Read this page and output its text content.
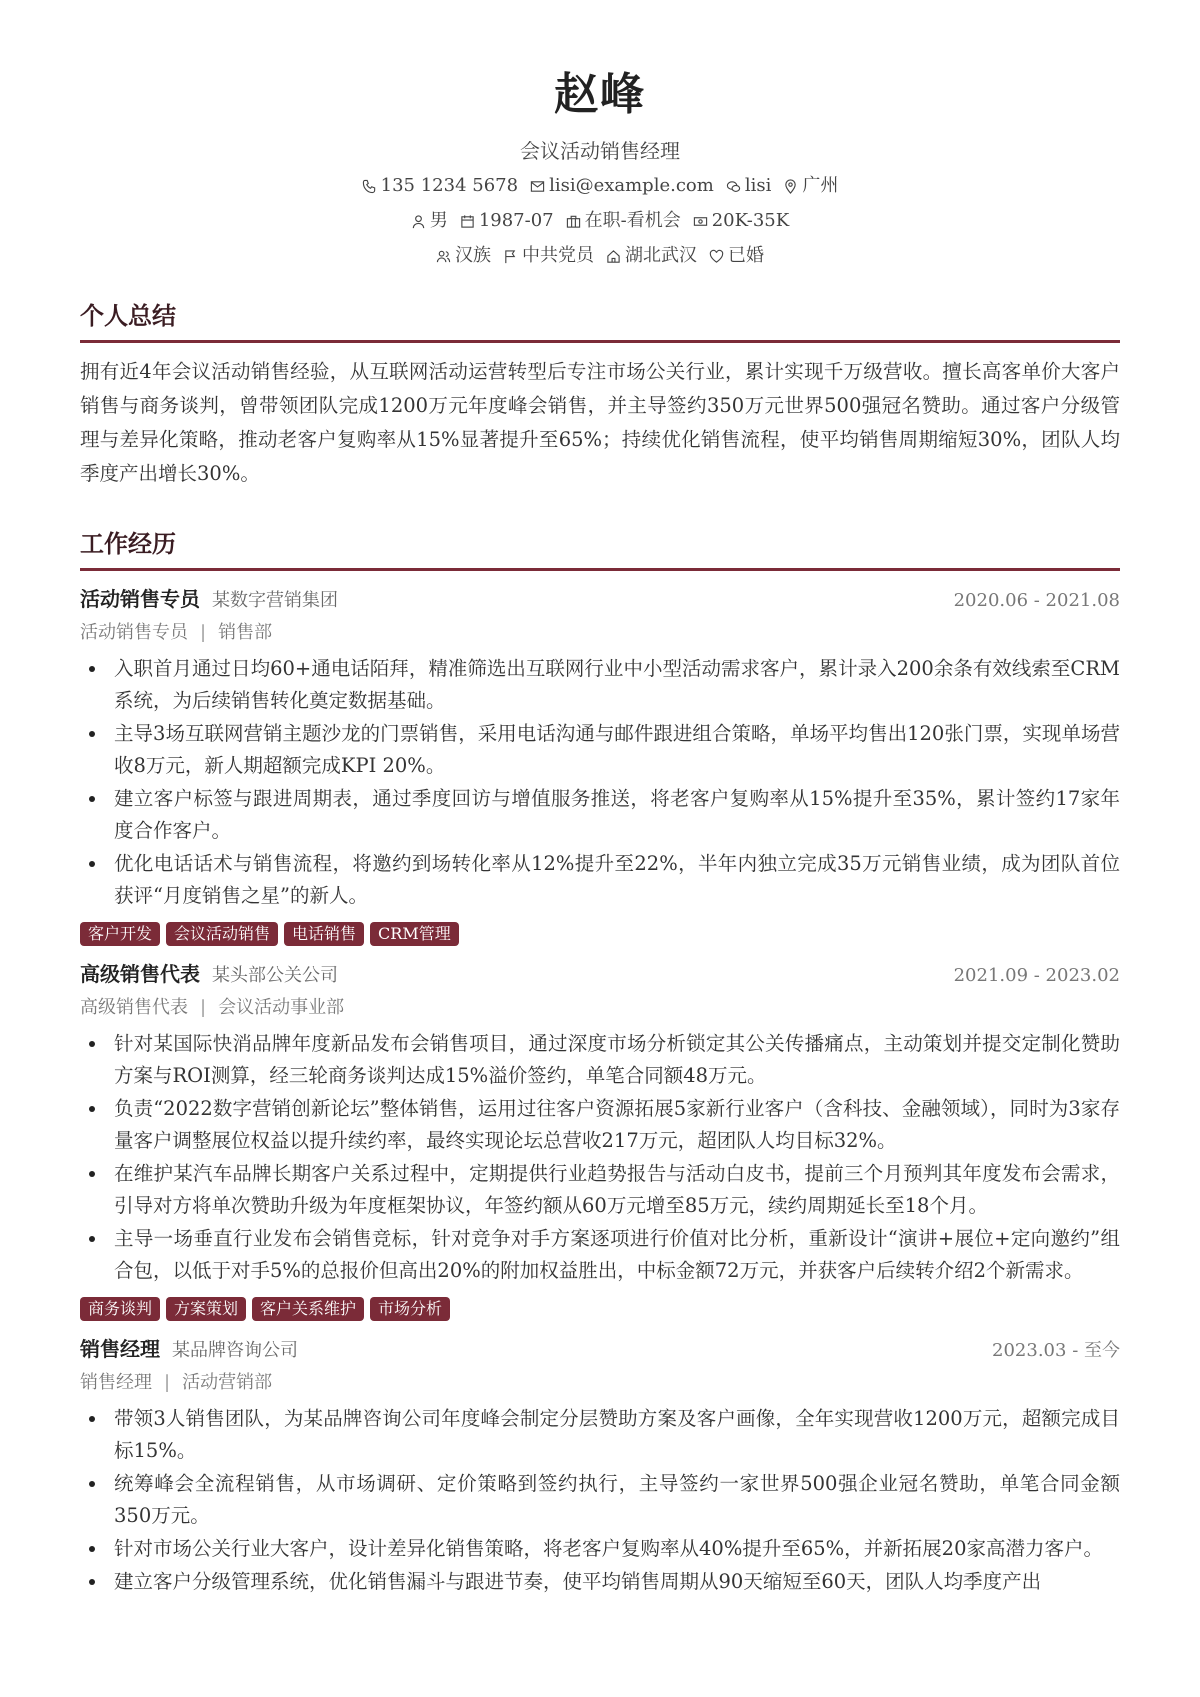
赵峰
会议活动销售经理
135 1234 5678 lisi@example.com lisi 广州
男 1987-07 在职-看机会 20K-35K
汉族 中共党员 湖北武汉 已婚
个人总结
拥有近4年会议活动销售经验，从互联网活动运营转型后专注市场公关行业，累计实现千万级营收。擅长高客单价大客户销售与商务谈判，曾带领团队完成1200万元年度峰会销售，并主导签约350万元世界500强冠名赞助。通过客户分级管理与差异化策略，推动老客户复购率从15%显著提升至65%；持续优化销售流程，使平均销售周期缩短30%，团队人均季度产出增长30%。
工作经历
活动销售专员 某数字营销集团	2020.06 - 2021.08
活动销售专员 | 销售部
入职首月通过日均60+通电话陌拜，精准筛选出互联网行业中小型活动需求客户，累计录入200余条有效线索至CRM系统，为后续销售转化奠定数据基础。
主导3场互联网营销主题沙龙的门票销售，采用电话沟通与邮件跟进组合策略，单场平均售出120张门票，实现单场营收8万元，新人期超额完成KPI 20%。
建立客户标签与跟进周期表，通过季度回访与增值服务推送，将老客户复购率从15%提升至35%，累计签约17家年度合作客户。
优化电话话术与销售流程，将邀约到场转化率从12%提升至22%，半年内独立完成35万元销售业绩，成为团队首位获评“月度销售之星”的新人。
客户开发	会议活动销售	电话销售	CRM管理
高级销售代表 某头部公关公司	2021.09 - 2023.02
高级销售代表 | 会议活动事业部
针对某国际快消品牌年度新品发布会销售项目，通过深度市场分析锁定其公关传播痛点，主动策划并提交定制化赞助方案与ROI测算，经三轮商务谈判达成15%溢价签约，单笔合同额48万元。
负责“2022数字营销创新论坛”整体销售，运用过往客户资源拓展5家新行业客户（含科技、金融领域），同时为3家存量客户调整展位权益以提升续约率，最终实现论坛总营收217万元，超团队人均目标32%。
在维护某汽车品牌长期客户关系过程中，定期提供行业趋势报告与活动白皮书，提前三个月预判其年度发布会需求，引导对方将单次赞助升级为年度框架协议，年签约额从60万元增至85万元，续约周期延长至18个月。
主导一场垂直行业发布会销售竞标，针对竞争对手方案逐项进行价值对比分析，重新设计“演讲+展位+定向邀约”组合包，以低于对手5%的总报价但高出20%的附加权益胜出，中标金额72万元，并获客户后续转介绍2个新需求。
商务谈判	方案策划	客户关系维护	市场分析
销售经理 某品牌咨询公司	2023.03 - 至今
销售经理 | 活动营销部
带领3人销售团队，为某品牌咨询公司年度峰会制定分层赞助方案及客户画像，全年实现营收1200万元，超额完成目标15%。
统筹峰会全流程销售，从市场调研、定价策略到签约执行，主导签约一家世界500强企业冠名赞助，单笔合同金额350万元。
针对市场公关行业大客户，设计差异化销售策略，将老客户复购率从40%提升至65%，并新拓展20家高潜力客户。
建立客户分级管理系统，优化销售漏斗与跟进节奏，使平均销售周期从90天缩短至60天，团队人均季度产出
